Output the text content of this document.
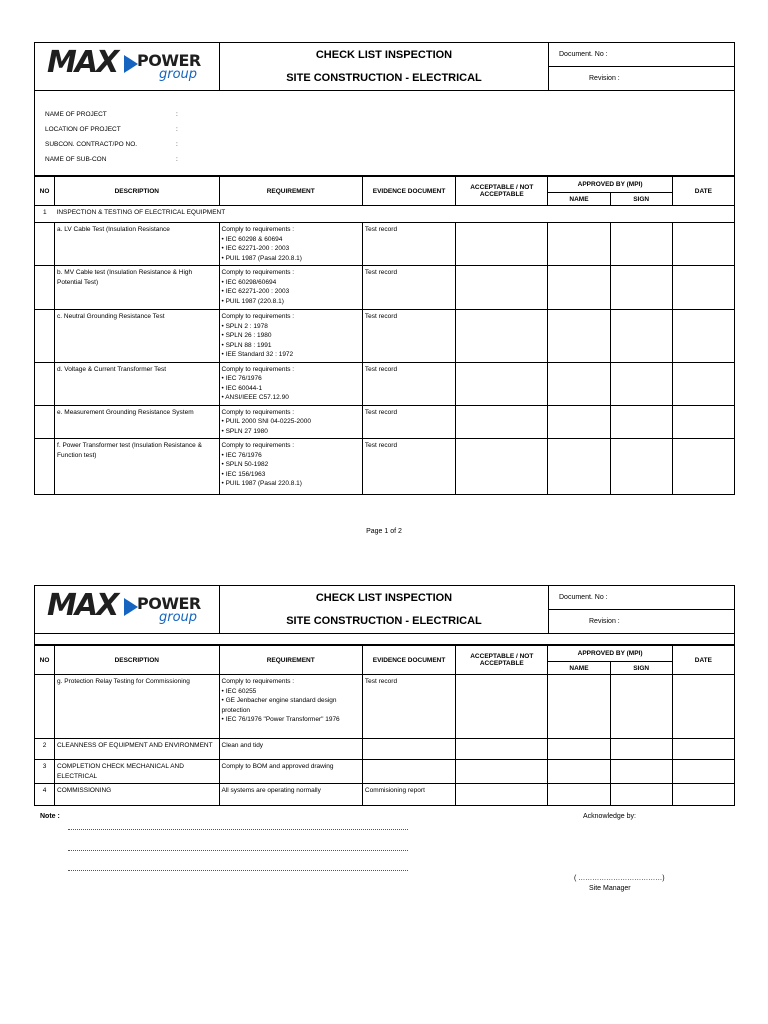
MAX POWER
group

CHECK LIST INSPECTION
SITE CONSTRUCTION - ELECTRICAL

Document. No :

Revision :
NAME OF PROJECT	:
LOCATION OF PROJECT	:
SUBCON. CONTRACT/PO NO.	:
NAME OF SUB-CON	:
NO	DESCRIPTION	REQUIREMENT	EVIDENCE DOCUMENT	ACCEPTABLE / NOT ACCEPTABLE	APPROVED BY (MPI)		DATE
					NAME	SIGN	
1	INSPECTION & TESTING OF ELECTRICAL EQUIPMENT						
	a. LV Cable Test (Insulation Resistance	Comply to requirements :
• IEC 60298 & 60694
• IEC 62271-200 : 2003
• PUIL 1987 (Pasal 220.8.1)	Test record				
	b. MV Cable test (Insulation Resistance & High Potential Test)	Comply to requirements :
• IEC 60298/60694
• IEC 62271-200 : 2003
• PUIL 1987 (220.8.1)	Test record				
	c. Neutral Grounding Resistance Test	Comply to requirements :
• SPLN 2 : 1978
• SPLN 26 : 1980
• SPLN 88 : 1991
• IEE Standard 32 : 1972	Test record				
	d. Voltage & Current Transformer Test	Comply to requirements :
• IEC 76/1976
• IEC 60044-1
• ANSI/IEEE C57.12.90	Test record				
	e. Measurement Grounding Resistance System	Comply to requirements :
• PUIL 2000 SNI 04-0225-2000
• SPLN 27 1980	Test record				
	f. Power Transformer test (Insulation Resistance & Function test)	Comply to requirements :
• IEC 76/1976
• SPLN 50-1982
• IEC 156/1963
• PUIL 1987 (Pasal 220.8.1)	Test record				
Page 1 of 2
MAX POWER
group

CHECK LIST INSPECTION
SITE CONSTRUCTION - ELECTRICAL

Document. No :

Revision :
NO	DESCRIPTION	REQUIREMENT	EVIDENCE DOCUMENT	ACCEPTABLE / NOT ACCEPTABLE	APPROVED BY (MPI)		DATE
					NAME	SIGN	
	g. Protection Relay Testing for Commissioning	Comply to requirements :
• IEC 60255
• GE Jenbacher engine standard design protection
• IEC 76/1976 "Power Transformer" 1976	Test record				
2	CLEANNESS OF EQUIPMENT AND ENVIRONMENT	Clean and tidy					

3	COMPLETION CHECK MECHANICAL AND ELECTRICAL	Comply to BOM and approved drawing					

4	COMMISSIONING	All systems are operating normally	Commisioning report				
Note :	Acknowledge by:
( ………………………………)
Site Manager
